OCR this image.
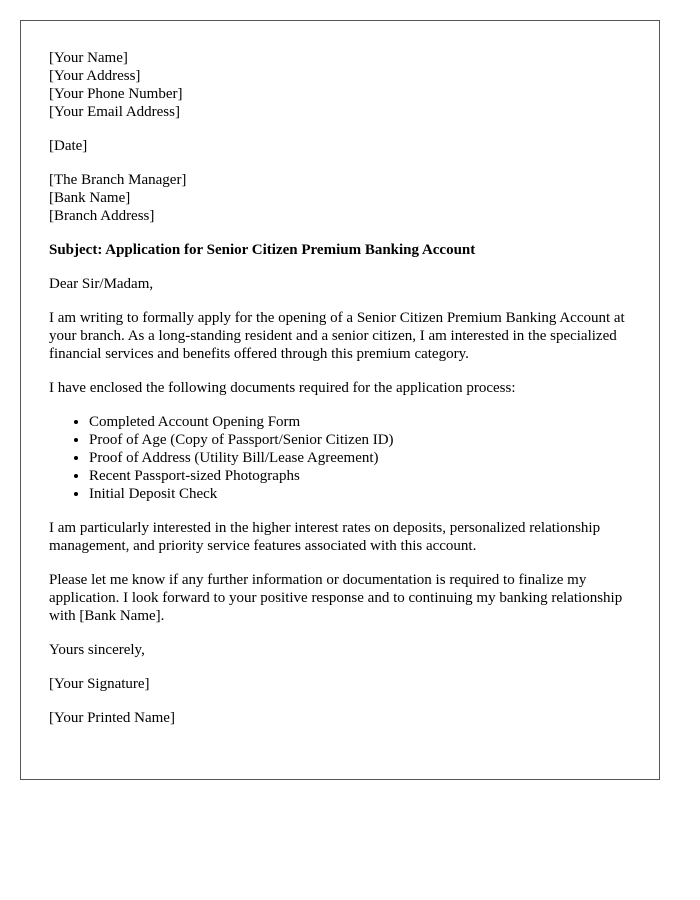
[Your Name]
[Your Address]
[Your Phone Number]
[Your Email Address]
[Date]
[The Branch Manager]
[Bank Name]
[Branch Address]

Subject: Application for Senior Citizen Premium Banking Account

Dear Sir/Madam,

I am writing to formally apply for the opening of a Senior Citizen Premium Banking Account at your branch. As a long-standing resident and a senior citizen, I am interested in the specialized financial services and benefits offered through this premium category.

I have enclosed the following documents required for the application process:

• Completed Account Opening Form
• Proof of Age (Copy of Passport/Senior Citizen ID)
• Proof of Address (Utility Bill/Lease Agreement)
• Recent Passport-sized Photographs
• Initial Deposit Check

I am particularly interested in the higher interest rates on deposits, personalized relationship management, and priority service features associated with this account.

Please let me know if any further information or documentation is required to finalize my application. I look forward to your positive response and to continuing my banking relationship with [Bank Name].

Yours sincerely,

[Your Signature]

[Your Printed Name]
